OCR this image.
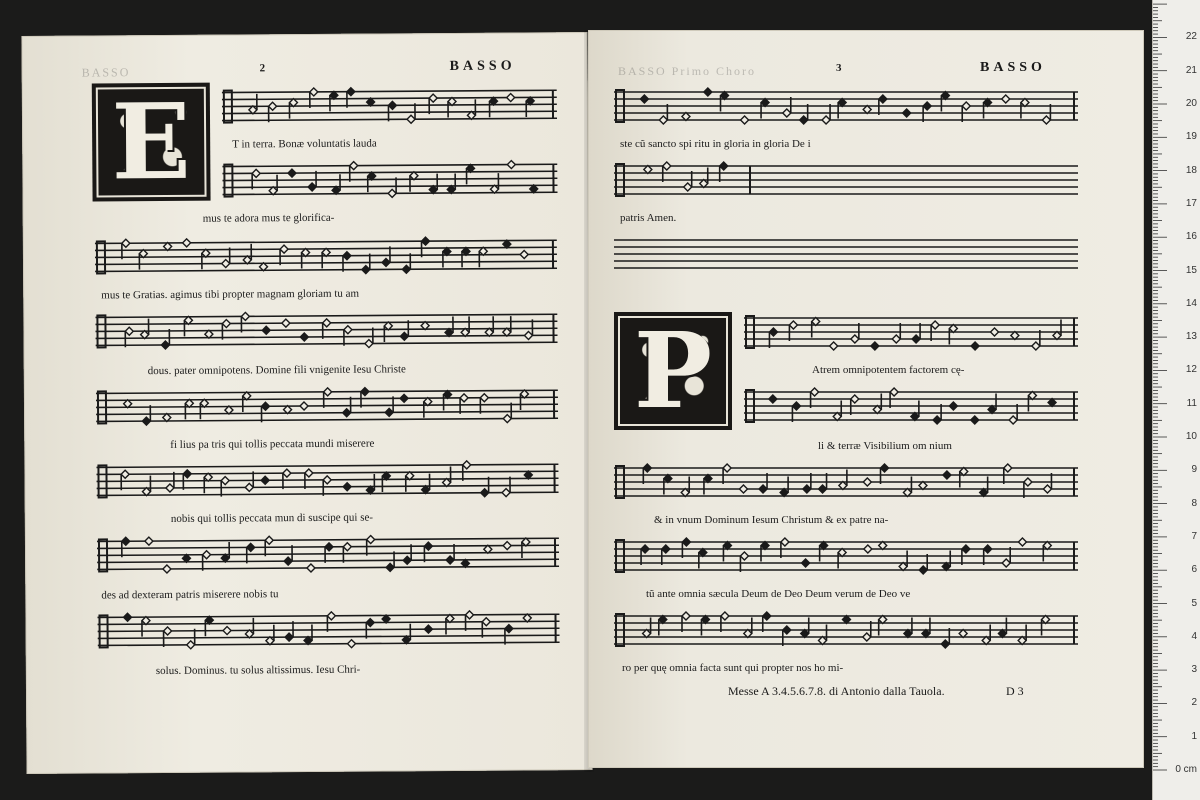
BASSO	2	BASSO
E	T in terra. Bonæ voluntatis lauda
mus te adora mus te glorifica-
mus te Gratias. agimus tibi propter magnam gloriam tu am
dous. pater omnipotens. Domine fili vnigenite Iesu Christe
fi lius pa tris qui tollis peccata mundi miserere
nobis qui tollis peccata mun di suscipe qui se-
des ad dexteram patris miserere nobis tu
solus. Dominus. tu solus altissimus. Iesu Chri-
BASSO Primo Choro	3	BASSO
ste cũ sancto spi ritu in gloria in gloria De i
patris Amen.
P	Atrem omnipotentem factorem cę-
li & terræ Visibilium om nium
& in vnum Dominum Iesum Christum & ex patre na-
tũ ante omnia sæcula Deum de Deo Deum verum de Deo ve
ro per quę omnia facta sunt qui propter nos ho mi-
Messe A 3.4.5.6.7.8. di Antonio dalla Tauola.	D 3
22
21
20
19
18
17
16
15
14
13
12
11
10
9
8
7
6
5
4
3
2
1
0 cm
